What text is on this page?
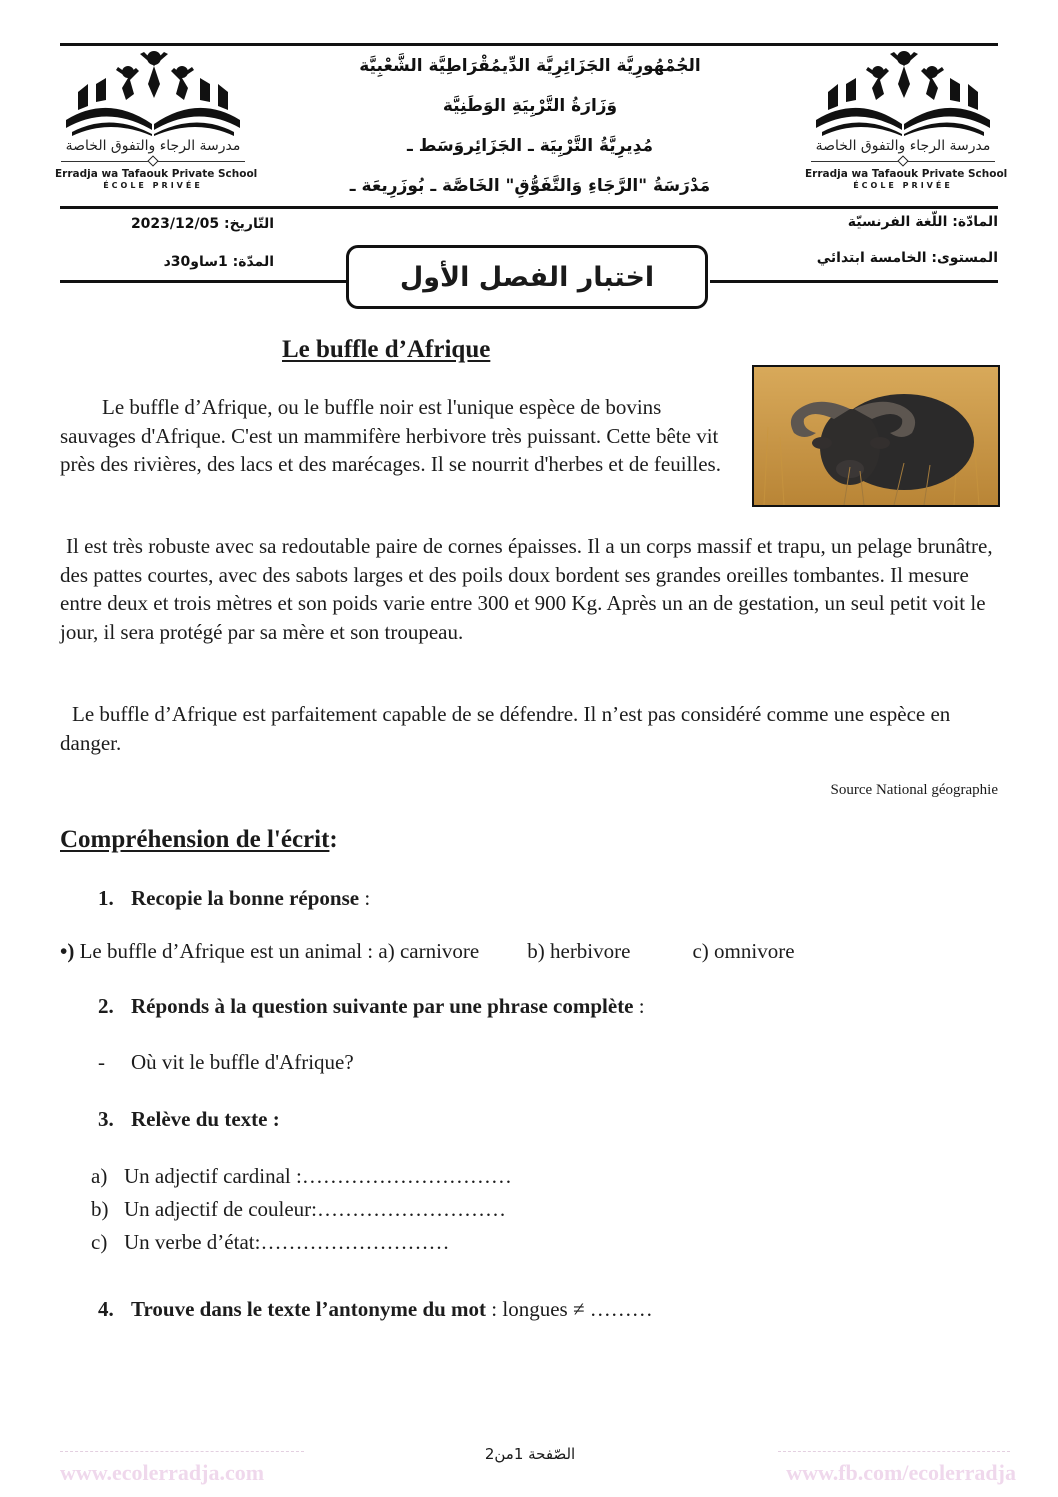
مدرسة الرجاء والتفوق الخاصة
Erradja wa Tafaouk Private School
ÉCOLE PRIVÉE
مدرسة الرجاء والتفوق الخاصة
Erradja wa Tafaouk Private School
ÉCOLE PRIVÉE
الجُمْهُورِيَّة الجَزَائِرِيَّة الدِّيمُقْرَاطِيَّة الشَّعْبِيَّة
وَزَارَةُ التَّرْبِيَةِ الوَطَنِيَّة
مُدِيرِيَّةُ التَّرْبِيَة ـ الجَزَائِروَسَط ـ
مَدْرَسَةُ "الرَّجَاءِ وَالتَّفَوُّقِ" الخَاصَّة ـ بُوزَرِيعَة ـ
المادّة: اللّغة الفرنسيّة
المستوى: الخامسة ابتدائي
التّاريخ: 2023/12/05
المدّة: 1ساو30د	اختبار الفصل الأول
Le buffle d’Afrique
Le buffle d’Afrique, ou le buffle noir est l'unique espèce de bovins sauvages d'Afrique. C'est un mammifère herbivore très puissant. Cette bête vit près des rivières, des lacs et des marécages. Il se nourrit d'herbes et de feuilles.
Il est très robuste avec sa redoutable paire de cornes épaisses. Il a un corps massif et trapu, un pelage brunâtre, des pattes courtes, avec des sabots larges et des poils doux bordent ses grandes oreilles tombantes. Il mesure entre deux et trois mètres et son poids varie entre 300 et 900 Kg. Après un an de gestation, un seul petit voit le jour, il sera protégé par sa mère et son troupeau.
Le buffle d’Afrique est parfaitement capable de se défendre. Il n’est pas considéré comme une espèce en danger.
Source National géographie
Compréhension de l'écrit:
1. Recopie la bonne réponse :
•) Le buffle d’Afrique est un animal : a) carnivore b) herbivore	c) omnivore
2. Réponds à la question suivante par une phrase complète :
- Où vit le buffle d'Afrique?
3. Relève du texte :
a) Un adjectif cardinal :…………………………
b) Un adjectif de couleur:………………………
c) Un verbe d’état:………………………
4. Trouve dans le texte l’antonyme du mot : longues ≠ ………
www.ecolerradja.com
الصّفحة 1من2
www.fb.com/ecolerradja
